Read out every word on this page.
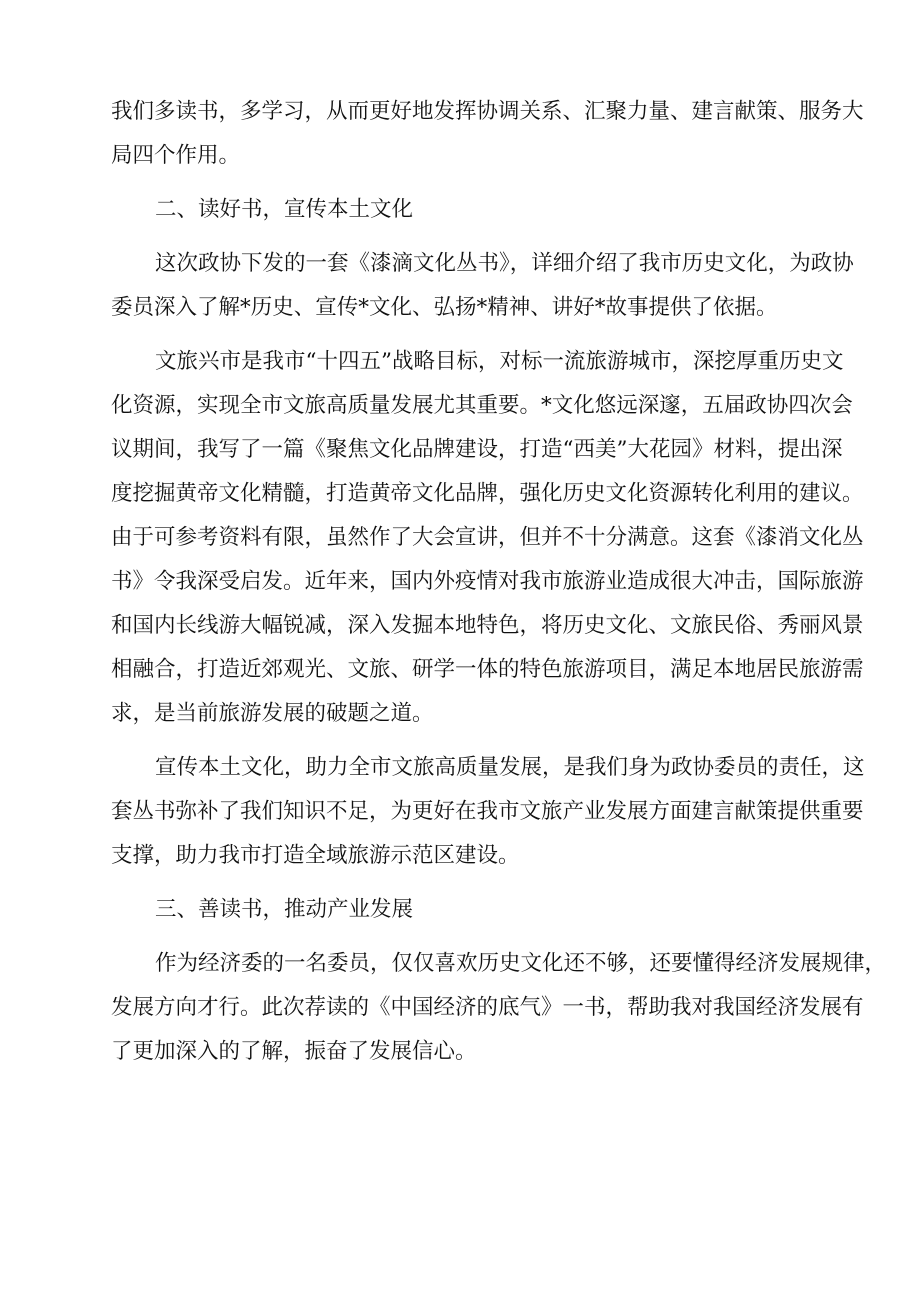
我们多读书，多学习，从而更好地发挥协调关系、汇聚力量、建言献策、服务大
局四个作用。
二、读好书，宣传本土文化
这次政协下发的一套《漆滴文化丛书》，详细介绍了我市历史文化，为政协
委员深入了解*历史、宣传*文化、弘扬*精神、讲好*故事提供了依据。
文旅兴市是我市“十四五”战略目标，对标一流旅游城市，深挖厚重历史文
化资源，实现全市文旅高质量发展尤其重要。*文化悠远深邃，五届政协四次会
议期间，我写了一篇《聚焦文化品牌建设，打造“西美”大花园》材料，提出深
度挖掘黄帝文化精髓，打造黄帝文化品牌，强化历史文化资源转化利用的建议。
由于可参考资料有限，虽然作了大会宣讲，但并不十分满意。这套《漆消文化丛
书》令我深受启发。近年来，国内外疫情对我市旅游业造成很大冲击，国际旅游
和国内长线游大幅锐减，深入发掘本地特色，将历史文化、文旅民俗、秀丽风景
相融合，打造近郊观光、文旅、研学一体的特色旅游项目，满足本地居民旅游需
求，是当前旅游发展的破题之道。
宣传本土文化，助力全市文旅高质量发展，是我们身为政协委员的责任，这
套丛书弥补了我们知识不足，为更好在我市文旅产业发展方面建言献策提供重要
支撑，助力我市打造全域旅游示范区建设。
三、善读书，推动产业发展
作为经济委的一名委员，仅仅喜欢历史文化还不够，还要懂得经济发展规律，
发展方向才行。此次荐读的《中国经济的底气》一书，帮助我对我国经济发展有
了更加深入的了解，振奋了发展信心。
